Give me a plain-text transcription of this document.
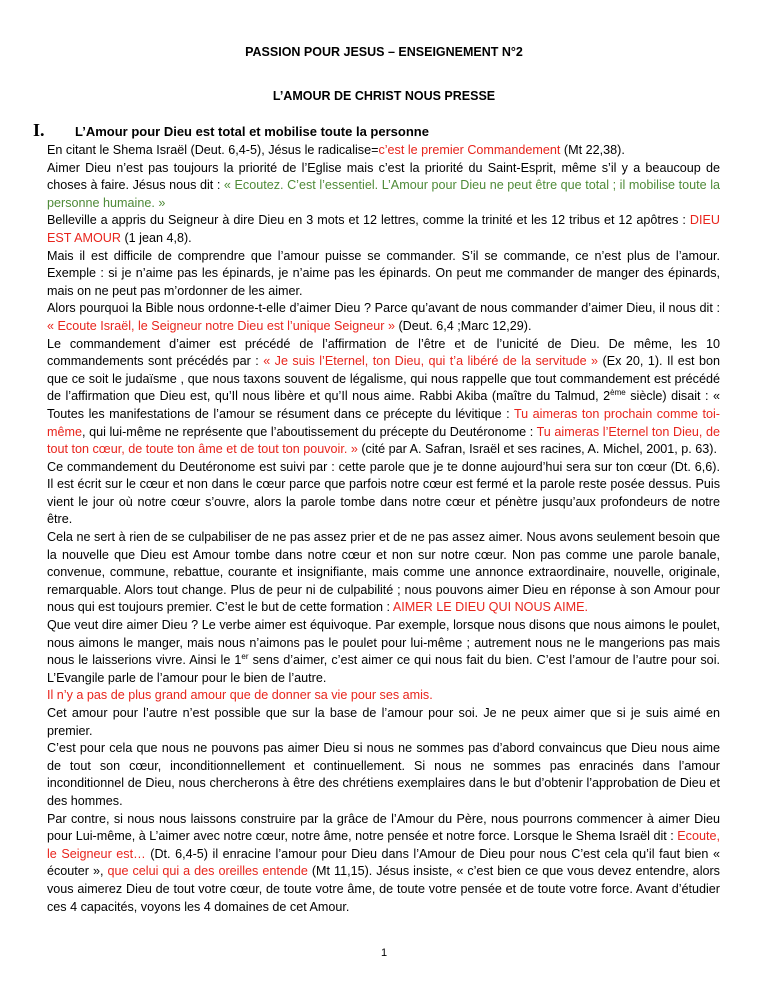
PASSION POUR JESUS – ENSEIGNEMENT N°2
L’AMOUR DE CHRIST NOUS PRESSE
I.	L’Amour pour Dieu est total et mobilise toute la personne

En citant le Shema Israël (Deut. 6,4-5), Jésus le radicalise=c’est le premier Commandement (Mt 22,38).

Aimer Dieu n’est pas toujours la priorité de l’Eglise mais c’est la priorité du Saint-Esprit, même s’il y a beaucoup de choses à faire. Jésus nous dit : « Ecoutez. C’est l’essentiel. L’Amour pour Dieu ne peut être que total ; il mobilise toute la personne humaine. »

Belleville a appris du Seigneur à dire Dieu en 3 mots et 12 lettres, comme la trinité et les 12 tribus et 12 apôtres : DIEU EST AMOUR (1 jean 4,8).

Mais il est difficile de comprendre que l’amour puisse se commander. S’il se commande, ce n’est plus de l’amour. Exemple : si je n’aime pas les épinards, je n’aime pas les épinards. On peut me commander de manger des épinards, mais on ne peut pas m’ordonner de les aimer.

Alors pourquoi la Bible nous ordonne-t-elle d’aimer Dieu ? Parce qu’avant de nous commander d’aimer Dieu, il nous dit : « Ecoute Israël, le Seigneur notre Dieu est l’unique Seigneur » (Deut. 6,4 ;Marc 12,29).

Le commandement d’aimer est précédé de l’affirmation de l’être et de l’unicité de Dieu. De même, les 10 commandements sont précédés par : « Je suis l’Eternel, ton Dieu, qui t’a libéré de la servitude » (Ex 20, 1). Il est bon que ce soit le judaïsme , que nous taxons souvent de légalisme, qui nous rappelle que tout commandement est précédé de l’affirmation que Dieu est, qu’Il nous libère et qu’Il nous aime. Rabbi Akiba (maître du Talmud, 2ème siècle) disait : « Toutes les manifestations de l’amour se résument dans ce précepte du lévitique : Tu aimeras ton prochain comme toi-même, qui lui-même ne représente que l’aboutissement du précepte du Deutéronome : Tu aimeras l’Eternel ton Dieu, de tout ton cœur, de toute ton âme et de tout ton pouvoir. » (cité par A. Safran, Israël et ses racines, A. Michel, 2001, p. 63).

Ce commandement du Deutéronome est suivi par : cette parole que je te donne aujourd’hui sera sur ton cœur (Dt. 6,6). Il est écrit sur le cœur et non dans le cœur parce que parfois notre cœur est fermé et la parole reste posée dessus. Puis vient le jour où notre cœur s’ouvre, alors la parole tombe dans notre cœur et pénètre jusqu’aux profondeurs de notre être.

Cela ne sert à rien de se culpabiliser de ne pas assez prier et de ne pas assez aimer. Nous avons seulement besoin que la nouvelle que Dieu est Amour tombe dans notre cœur et non sur notre cœur. Non pas comme une parole banale, convenue, commune, rebattue, courante et insignifiante, mais comme une annonce extraordinaire, nouvelle, originale, remarquable. Alors tout change. Plus de peur ni de culpabilité ; nous pouvons aimer Dieu en réponse à son Amour pour nous qui est toujours premier. C’est le but de cette formation : AIMER LE DIEU QUI NOUS AIME.

Que veut dire aimer Dieu ? Le verbe aimer est équivoque. Par exemple, lorsque nous disons que nous aimons le poulet, nous aimons le manger, mais nous n’aimons pas le poulet pour lui-même ; autrement nous ne le mangerions pas mais nous le laisserions vivre. Ainsi le 1er sens d’aimer, c’est aimer ce qui nous fait du bien. C’est l’amour de l’autre pour soi. L’Evangile parle de l’amour pour le bien de l’autre.

Il n’y a pas de plus grand amour que de donner sa vie pour ses amis.

Cet amour pour l’autre n’est possible que sur la base de l’amour pour soi. Je ne peux aimer que si je suis aimé en premier.

C’est pour cela que nous ne pouvons pas aimer Dieu si nous ne sommes pas d’abord convaincus que Dieu nous aime de tout son cœur, inconditionnellement et continuellement. Si nous ne sommes pas enracinés dans l’amour inconditionnel de Dieu, nous chercherons à être des chrétiens exemplaires dans le but d’obtenir l’approbation de Dieu et des hommes.

Par contre, si nous nous laissons construire par la grâce de l’Amour du Père, nous pourrons commencer à aimer Dieu pour Lui-même, à L’aimer avec notre cœur, notre âme, notre pensée et notre force. Lorsque le Shema Israël dit : Ecoute, le Seigneur est… (Dt. 6,4-5) il enracine l’amour pour Dieu dans l’Amour de Dieu pour nous C’est cela qu’il faut bien « écouter », que celui qui a des oreilles entende (Mt 11,15). Jésus insiste, « c’est bien ce que vous devez entendre, alors vous aimerez Dieu de tout votre cœur, de toute votre âme, de toute votre pensée et de toute votre force. Avant d’étudier ces 4 capacités, voyons les 4 domaines de cet Amour.

1
